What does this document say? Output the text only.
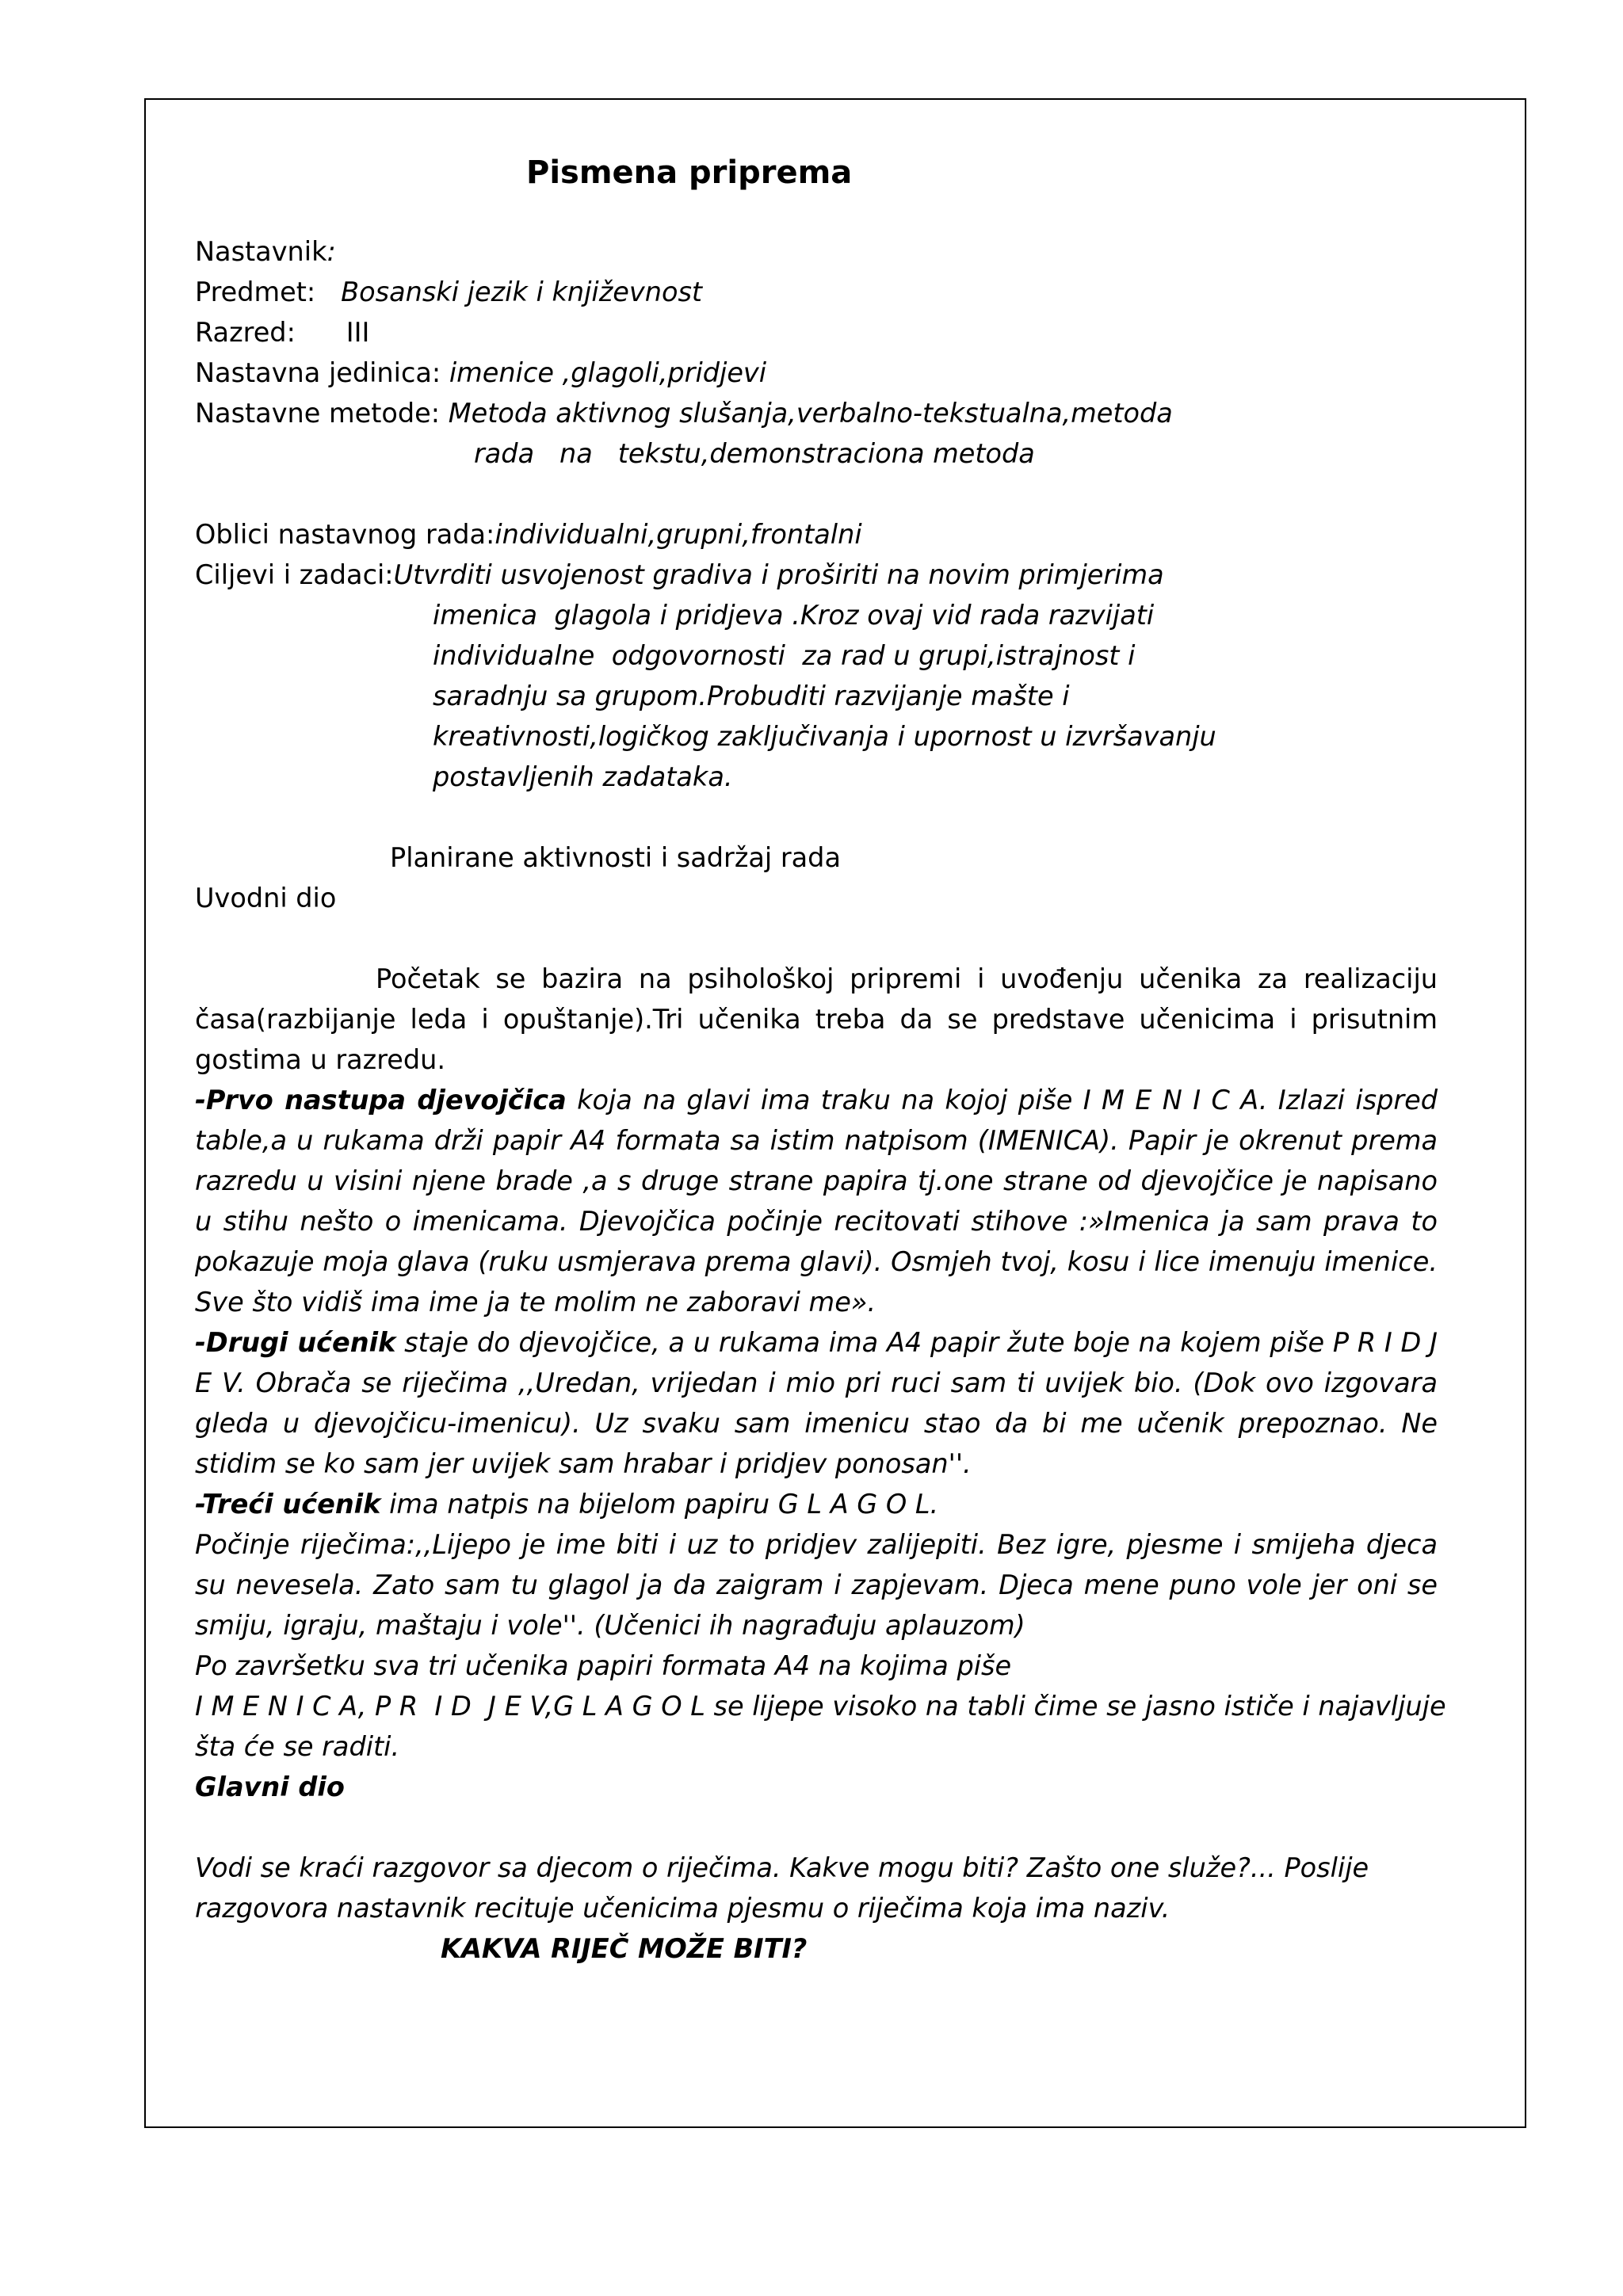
Pismena priprema
Nastavnik:
Predmet: Bosanski jezik i književnost
Razred: III
Nastavna jedinica: imenice ,glagoli,pridjevi
Nastavne metode: Metoda aktivnog slušanja,verbalno-tekstualna,metoda
rada   na   tekstu,demonstraciona metoda
Oblici nastavnog rada:individualni,grupni,frontalni
Ciljevi i zadaci:Utvrditi usvojenost gradiva i proširiti na novim primjerima
imenica  glagola i pridjeva .Kroz ovaj vid rada razvijati
individualne  odgovornosti  za rad u grupi,istrajnost i
saradnju sa grupom.Probuditi razvijanje mašte i
kreativnosti,logičkog zaključivanja i upornost u izvršavanju
postavljenih zadataka.
Planirane aktivnosti i sadržaj rada
Uvodni dio

Početak se bazira na psihološkoj pripremi i uvođenju učenika za realizaciju časa(razbijanje leda i opuštanje).Tri učenika treba da se predstave učenicima i prisutnim gostima u razredu.

-Prvo nastupa djevojčica koja na glavi ima traku na kojoj piše I M E N I C A. Izlazi ispred table,a u rukama drži papir A4 formata sa istim natpisom (IMENICA). Papir je okrenut prema razredu u visini njene brade ,a s druge strane papira tj.one strane od djevojčice je napisano u stihu nešto o imenicama. Djevojčica počinje recitovati stihove :»Imenica ja sam prava to pokazuje moja glava (ruku usmjerava prema glavi). Osmjeh tvoj, kosu i lice imenuju imenice. Sve što vidiš ima ime ja te molim ne zaboravi me».

-Drugi ućenik staje do djevojčice, a u rukama ima A4 papir žute boje na kojem piše P R I D J E V. Obrača se riječima ,,Uredan, vrijedan i mio pri ruci sam ti uvijek bio. (Dok ovo izgovara gleda u djevojčicu-imenicu). Uz svaku sam imenicu stao da bi me učenik prepoznao. Ne stidim se ko sam jer uvijek sam hrabar i pridjev ponosan''.

-Treći ućenik ima natpis na bijelom papiru G L A G O L.

Počinje riječima:,,Lijepo je ime biti i uz to pridjev zalijepiti. Bez igre, pjesme i smijeha djeca su nevesela. Zato sam tu glagol ja da zaigram i zapjevam. Djeca mene puno vole jer oni se smiju, igraju, maštaju i vole''. (Učenici ih nagrađuju aplauzom)

Po završetku sva tri učenika papiri formata A4 na kojima piše
I M E N I C A, P R  I D  J E V,G L A G O L se lijepe visoko na tabli čime se jasno ističe i najavljuje
šta će se raditi.
Glavni dio
Vodi se kraći razgovor sa djecom o riječima. Kakve mogu biti? Zašto one služe?... Poslije
razgovora nastavnik recituje učenicima pjesmu o riječima koja ima naziv.
KAKVA RIJEČ MOŽE BITI?
